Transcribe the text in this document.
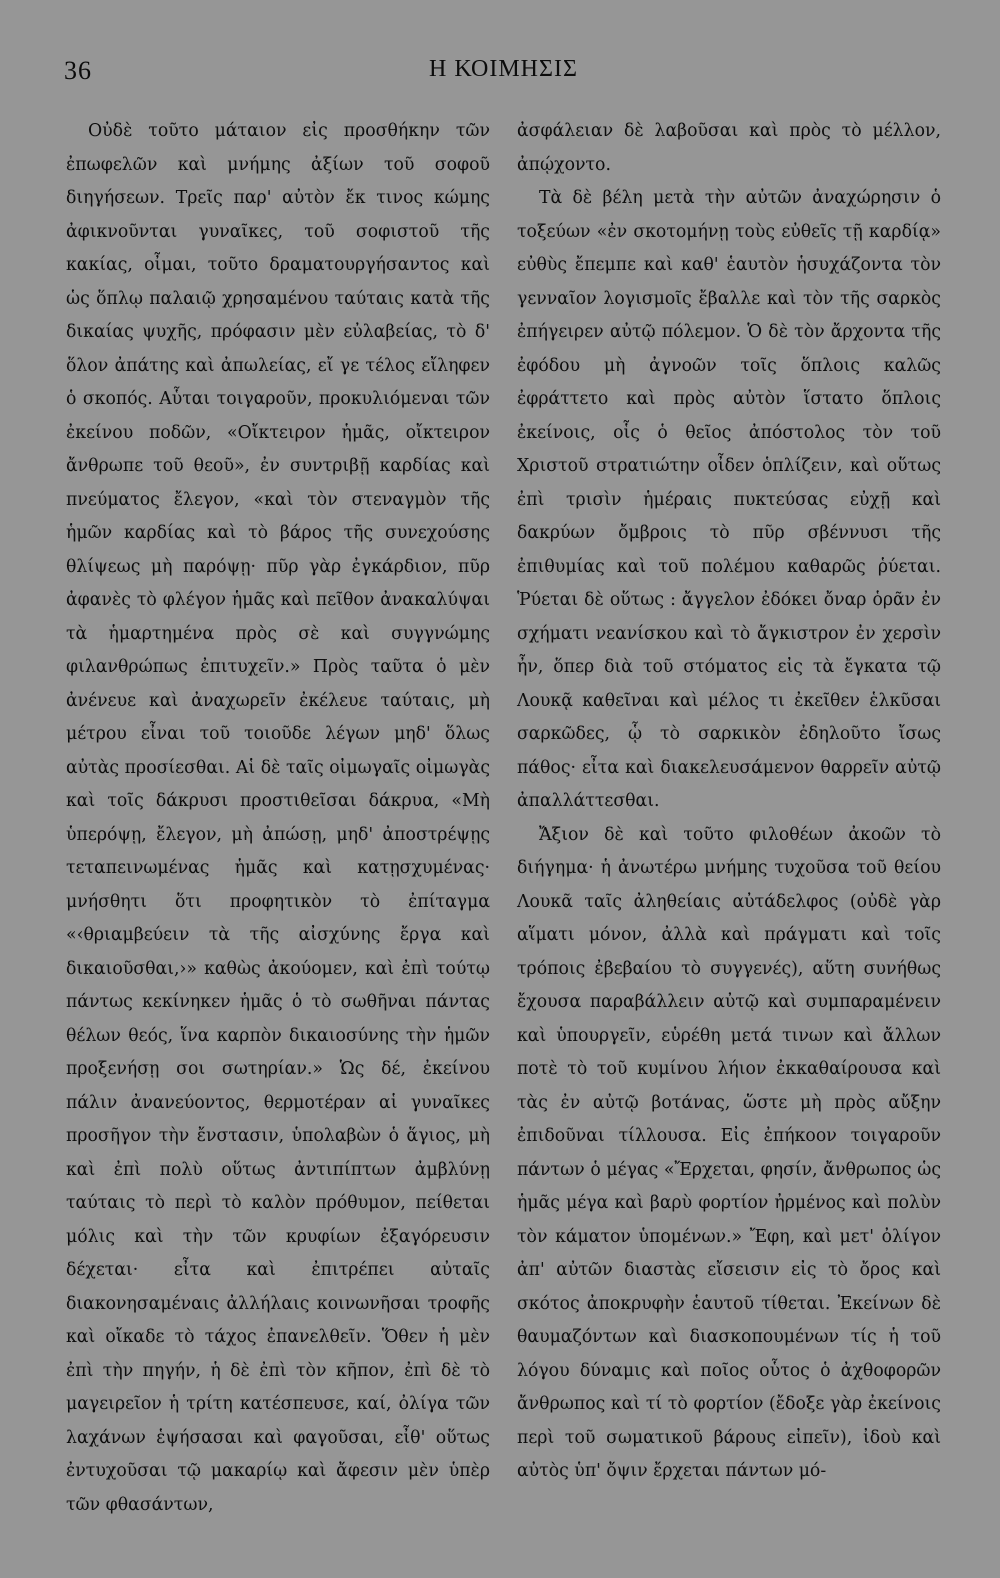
36	Η ΚΟΙΜΗΣΙΣ

Οὐδὲ τοῦτο μάταιον εἰς προσθήκην τῶν ἐπωφελῶν καὶ μνήμης ἀξίων τοῦ σοφοῦ διηγήσεων. Τρεῖς παρ' αὐτὸν ἔκ τινος κώμης ἀφικνοῦνται γυναῖκες, τοῦ σοφιστοῦ τῆς κακίας, οἶμαι, τοῦτο δραματουργήσαντος καὶ ὡς ὅπλῳ παλαιῷ χρησαμένου ταύταις κατὰ τῆς δικαίας ψυχῆς, πρόφασιν μὲν εὐλαβείας, τὸ δ' ὅλον ἀπάτης καὶ ἀπωλείας, εἴ γε τέλος εἴληφεν ὁ σκοπός. Αὗται τοιγαροῦν, προκυλιόμεναι τῶν ἐκείνου ποδῶν, «Οἴκτειρον ἡμᾶς, οἴκτειρον ἄνθρωπε τοῦ θεοῦ», ἐν συντριβῇ καρδίας καὶ πνεύματος ἔλεγον, «καὶ τὸν στεναγμὸν τῆς ἡμῶν καρδίας καὶ τὸ βάρος τῆς συνεχούσης θλίψεως μὴ παρόψῃ· πῦρ γὰρ ἐγκάρδιον, πῦρ ἀφανὲς τὸ φλέγον ἡμᾶς καὶ πεῖθον ἀνακαλύψαι τὰ ἡμαρτημένα πρὸς σὲ καὶ συγγνώμης φιλανθρώπως ἐπιτυχεῖν.» Πρὸς ταῦτα ὁ μὲν ἀνένευε καὶ ἀναχωρεῖν ἐκέλευε ταύταις, μὴ μέτρου εἶναι τοῦ τοιοῦδε λέγων μηδ' ὅλως αὐτὰς προσίεσθαι. Αἱ δὲ ταῖς οἰμωγαῖς οἰμωγὰς καὶ τοῖς δάκρυσι προστιθεῖσαι δάκρυα, «Μὴ ὑπερόψῃ, ἔλεγον, μὴ ἀπώσῃ, μηδ' ἀποστρέψῃς τεταπεινωμένας ἡμᾶς καὶ κατῃσχυμένας· μνήσθητι ὅτι προφητικὸν τὸ ἐπίταγμα «‹θριαμβεύειν τὰ τῆς αἰσχύνης ἔργα καὶ δικαιοῦσθαι,›» καθὼς ἀκούομεν, καὶ ἐπὶ τούτῳ πάντως κεκίνηκεν ἡμᾶς ὁ τὸ σωθῆναι πάντας θέλων θεός, ἵνα καρπὸν δικαιοσύνης τὴν ἡμῶν προξενήσῃ σοι σωτηρίαν.» Ὡς δέ, ἐκείνου πάλιν ἀνανεύοντος, θερμοτέραν αἱ γυναῖκες προσῆγον τὴν ἔνστασιν, ὑπολαβὼν ὁ ἅγιος, μὴ καὶ ἐπὶ πολὺ οὕτως ἀντιπίπτων ἀμβλύνῃ ταύταις τὸ περὶ τὸ καλὸν πρόθυμον, πείθεται μόλις καὶ τὴν τῶν κρυφίων ἐξαγόρευσιν δέχεται· εἶτα καὶ ἐπιτρέπει αὐταῖς διακονησαμέναις ἀλλήλαις κοινωνῆσαι τροφῆς καὶ οἴκαδε τὸ τάχος ἐπανελθεῖν. Ὅθεν ἡ μὲν ἐπὶ τὴν πηγήν, ἡ δὲ ἐπὶ τὸν κῆπον, ἐπὶ δὲ τὸ μαγειρεῖον ἡ τρίτη κατέσπευσε, καί, ὀλίγα τῶν λαχάνων ἑψήσασαι καὶ φαγοῦσαι, εἶθ' οὕτως ἐντυχοῦσαι τῷ μακαρίῳ καὶ ἄφεσιν μὲν ὑπὲρ τῶν φθασάντων,

ἀσφάλειαν δὲ λαβοῦσαι καὶ πρὸς τὸ μέλλον, ἀπῴχοντο.

Τὰ δὲ βέλη μετὰ τὴν αὐτῶν ἀναχώρησιν ὁ τοξεύων «ἐν σκοτομήνῃ τοὺς εὐθεῖς τῇ καρδίᾳ» εὐθὺς ἔπεμπε καὶ καθ' ἑαυτὸν ἡσυχάζοντα τὸν γενναῖον λογισμοῖς ἔβαλλε καὶ τὸν τῆς σαρκὸς ἐπήγειρεν αὐτῷ πόλεμον. Ὁ δὲ τὸν ἄρχοντα τῆς ἐφόδου μὴ ἀγνοῶν τοῖς ὅπλοις καλῶς ἐφράττετο καὶ πρὸς αὐτὸν ἵστατο ὅπλοις ἐκείνοις, οἷς ὁ θεῖος ἀπόστολος τὸν τοῦ Χριστοῦ στρατιώτην οἶδεν ὁπλίζειν, καὶ οὕτως ἐπὶ τρισὶν ἡμέραις πυκτεύσας εὐχῇ καὶ δακρύων ὄμβροις τὸ πῦρ σβέννυσι τῆς ἐπιθυμίας καὶ τοῦ πολέμου καθαρῶς ῥύεται. Ῥύεται δὲ οὕτως : ἄγγελον ἐδόκει ὄναρ ὁρᾶν ἐν σχήματι νεανίσκου καὶ τὸ ἄγκιστρον ἐν χερσὶν ἦν, ὅπερ διὰ τοῦ στόματος εἰς τὰ ἔγκατα τῷ Λουκᾷ καθεῖναι καὶ μέλος τι ἐκεῖθεν ἑλκῦσαι σαρκῶδες, ᾧ τὸ σαρκικὸν ἐδηλοῦτο ἴσως πάθος· εἶτα καὶ διακελευσάμενον θαρρεῖν αὐτῷ ἀπαλλάττεσθαι.

Ἄξιον δὲ καὶ τοῦτο φιλοθέων ἀκοῶν τὸ διήγημα· ἡ ἀνωτέρω μνήμης τυχοῦσα τοῦ θείου Λουκᾶ ταῖς ἀληθείαις αὐτάδελφος (οὐδὲ γὰρ αἵματι μόνον, ἀλλὰ καὶ πράγματι καὶ τοῖς τρόποις ἐβεβαίου τὸ συγγενές), αὕτη συνήθως ἔχουσα παραβάλλειν αὐτῷ καὶ συμπαραμένειν καὶ ὑπουργεῖν, εὑρέθη μετά τινων καὶ ἄλλων ποτὲ τὸ τοῦ κυμίνου λήιον ἐκκαθαίρουσα καὶ τὰς ἐν αὐτῷ βοτάνας, ὥστε μὴ πρὸς αὔξην ἐπιδοῦναι τίλλουσα. Εἰς ἐπήκοον τοιγαροῦν πάντων ὁ μέγας «Ἔρχεται, φησίν, ἄνθρωπος ὡς ἡμᾶς μέγα καὶ βαρὺ φορτίον ἠρμένος καὶ πολὺν τὸν κάματον ὑπομένων.» Ἔφη, καὶ μετ' ὀλίγον ἀπ' αὐτῶν διαστὰς εἴσεισιν εἰς τὸ ὄρος καὶ σκότος ἀποκρυφὴν ἑαυτοῦ τίθεται. Ἐκείνων δὲ θαυμαζόντων καὶ διασκοπουμένων τίς ἡ τοῦ λόγου δύναμις καὶ ποῖος οὗτος ὁ ἀχθοφορῶν ἄνθρωπος καὶ τί τὸ φορτίον (ἔδοξε γὰρ ἐκείνοις περὶ τοῦ σωματικοῦ βάρους εἰπεῖν), ἰδοὺ καὶ αὐτὸς ὑπ' ὄψιν ἔρχεται πάντων μό-
